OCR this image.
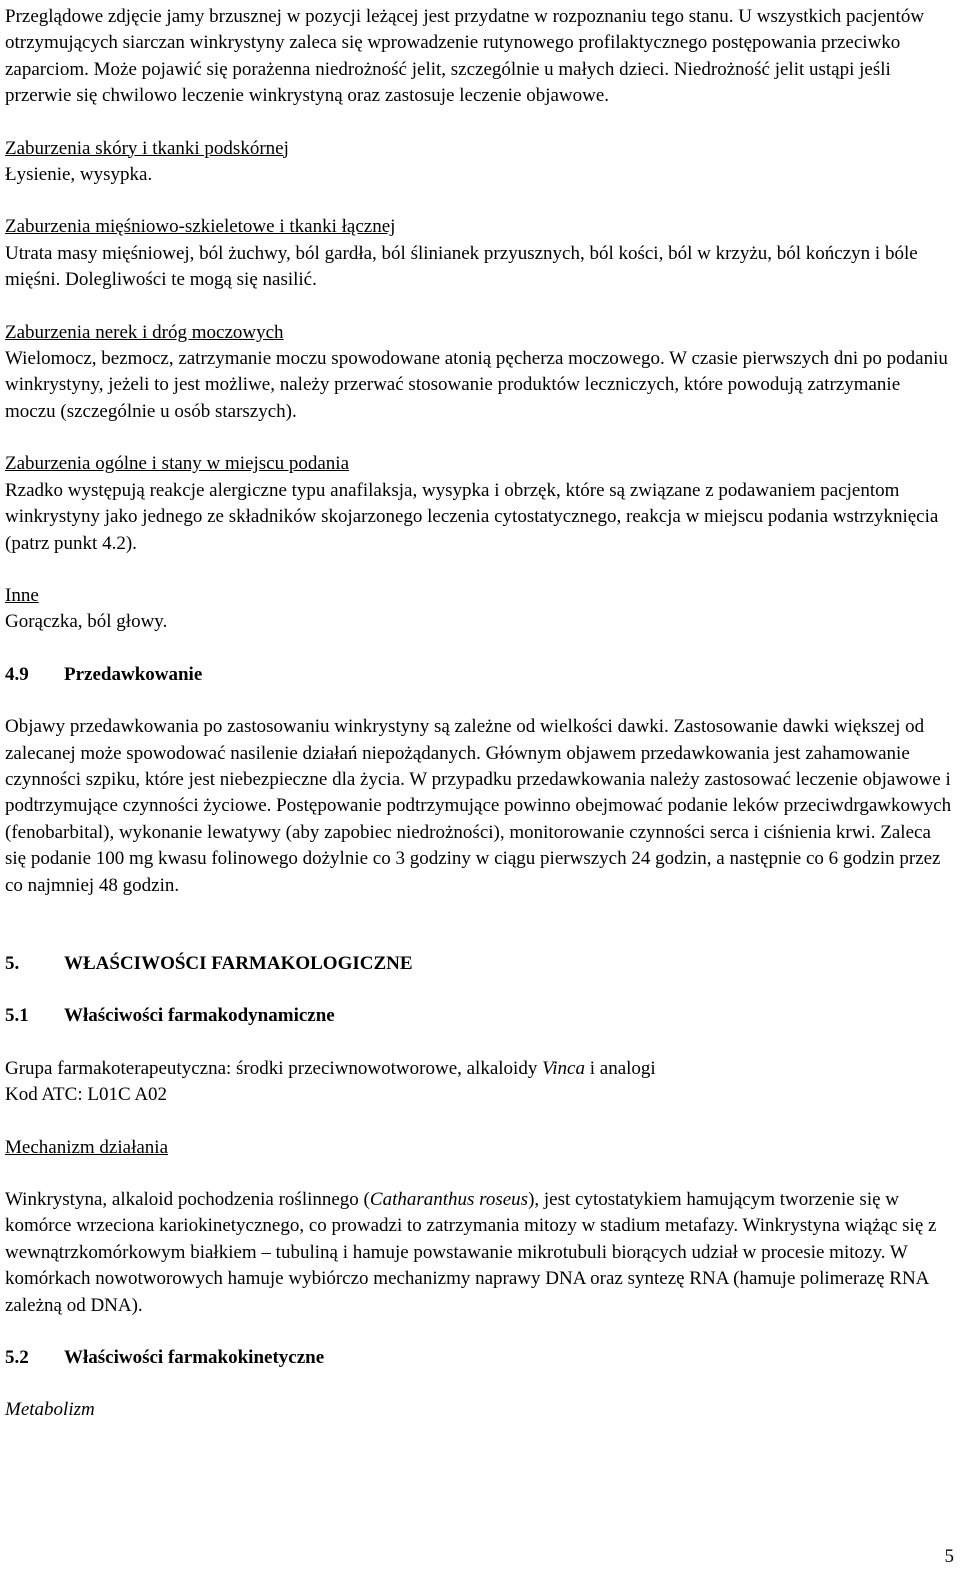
Przeglądowe zdjęcie jamy brzusznej w pozycji leżącej jest przydatne w rozpoznaniu tego stanu. U wszystkich pacjentów otrzymujących siarczan winkrystyny zaleca się wprowadzenie rutynowego profilaktycznego postępowania przeciwko zaparciom. Może pojawić się porażenna niedrożność jelit, szczególnie u małych dzieci. Niedrożność jelit ustąpi jeśli przerwie się chwilowo leczenie winkrystyną oraz zastosuje leczenie objawowe.

Zaburzenia skóry i tkanki podskórnej

Łysienie, wysypka.

Zaburzenia mięśniowo-szkieletowe i tkanki łącznej

Utrata masy mięśniowej, ból żuchwy, ból gardła, ból ślinianek przyusznych, ból kości, ból w krzyżu, ból kończyn i bóle mięśni. Dolegliwości te mogą się nasilić.

Zaburzenia nerek i dróg moczowych

Wielomocz, bezmocz, zatrzymanie moczu spowodowane atonią pęcherza moczowego. W czasie pierwszych dni po podaniu winkrystyny, jeżeli to jest możliwe, należy przerwać stosowanie produktów leczniczych, które powodują zatrzymanie moczu (szczególnie u osób starszych).

Zaburzenia ogólne i stany w miejscu podania

Rzadko występują reakcje alergiczne typu anafilaksja, wysypka i obrzęk, które są związane z podawaniem pacjentom winkrystyny jako jednego ze składników skojarzonego leczenia cytostatycznego, reakcja w miejscu podania wstrzyknięcia (patrz punkt 4.2).

Inne

Gorączka, ból głowy.

4.9	Przedawkowanie

Objawy przedawkowania po zastosowaniu winkrystyny są zależne od wielkości dawki. Zastosowanie dawki większej od zalecanej może spowodować nasilenie działań niepożądanych. Głównym objawem przedawkowania jest zahamowanie czynności szpiku, które jest niebezpieczne dla życia. W przypadku przedawkowania należy zastosować leczenie objawowe i podtrzymujące czynności życiowe. Postępowanie podtrzymujące powinno obejmować podanie leków przeciwdrgawkowych (fenobarbital), wykonanie lewatywy (aby zapobiec niedrożności), monitorowanie czynności serca i ciśnienia krwi. Zaleca się podanie 100 mg kwasu folinowego dożylnie co 3 godziny w ciągu pierwszych 24 godzin, a następnie co 6 godzin przez co najmniej 48 godzin.

5.	WŁAŚCIWOŚCI FARMAKOLOGICZNE

5.1	Właściwości farmakodynamiczne

Grupa farmakoterapeutyczna: środki przeciwnowotworowe, alkaloidy Vinca i analogi

Kod ATC: L01C A02

Mechanizm działania

Winkrystyna, alkaloid pochodzenia roślinnego (Catharanthus roseus), jest cytostatykiem hamującym tworzenie się w komórce wrzeciona kariokinetycznego, co prowadzi to zatrzymania mitozy w stadium metafazy. Winkrystyna wiążąc się z wewnątrzkomórkowym białkiem – tubuliną i hamuje powstawanie mikrotubuli biorących udział w procesie mitozy. W komórkach nowotworowych hamuje wybiórczo mechanizmy naprawy DNA oraz syntezę RNA (hamuje polimerazę RNA zależną od DNA).

5.2	Właściwości farmakokinetyczne

Metabolizm

5
